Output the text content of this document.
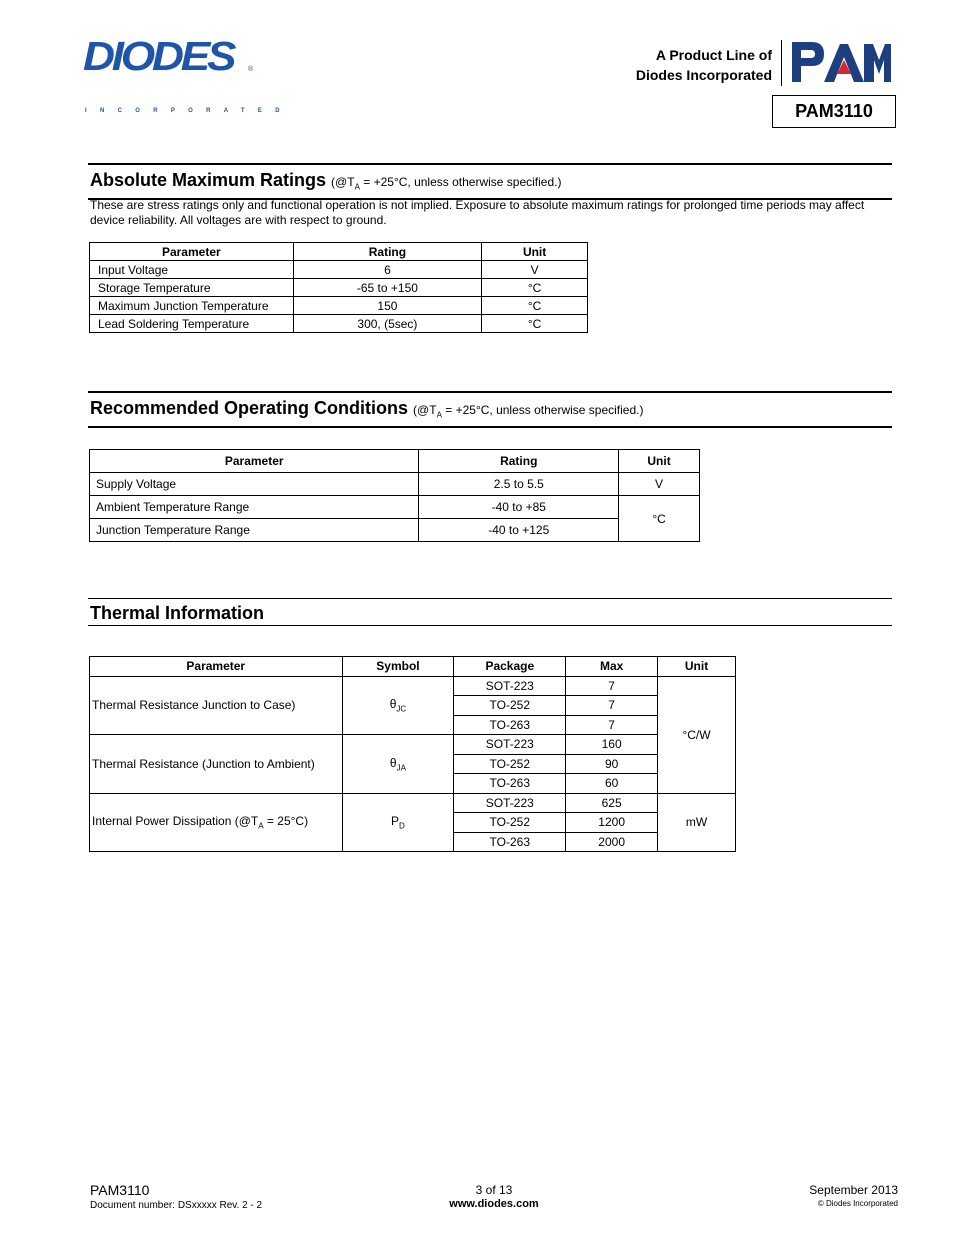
DIODES ®
INCORPORATED
A Product Line of
Diodes Incorporated
PAM3110
Absolute Maximum Ratings ($@T_A = +25^\circ C$, unless otherwise specified.)
These are stress ratings only and functional operation is not implied. Exposure to absolute maximum ratings for prolonged time periods may affect device reliability. All voltages are with respect to ground.
Parameter	Rating	Unit
Input Voltage	6	V
Storage Temperature	-65 to +150	°C
Maximum Junction Temperature	150	°C
Lead Soldering Temperature	300, (5sec)	°C
Recommended Operating Conditions ($@T_A = +25^\circ C$, unless otherwise specified.)
Parameter	Rating	Unit
Supply Voltage	2.5 to 5.5	V
Ambient Temperature Range	-40 to +85	°C
Junction Temperature Range	-40 to +125	
Thermal Information
Parameter	Symbol	Package	Max	Unit
Thermal Resistance Junction to Case)	$\theta_{JC}$	SOT-223	7	°C/W
		TO-252	7	
		TO-263	7	
Thermal Resistance (Junction to Ambient)	$\theta_{JA}$	SOT-223	160	
		TO-252	90	
		TO-263	60	
Internal Power Dissipation $(@T_A = 25^\circ C)$	$P_D$	SOT-223	625	mW
		TO-252	1200	
		TO-263	2000	
PAM3110
Document number: DSxxxxx Rev. 2 - 2
3 of 13
www.diodes.com
September 2013
© Diodes Incorporated
